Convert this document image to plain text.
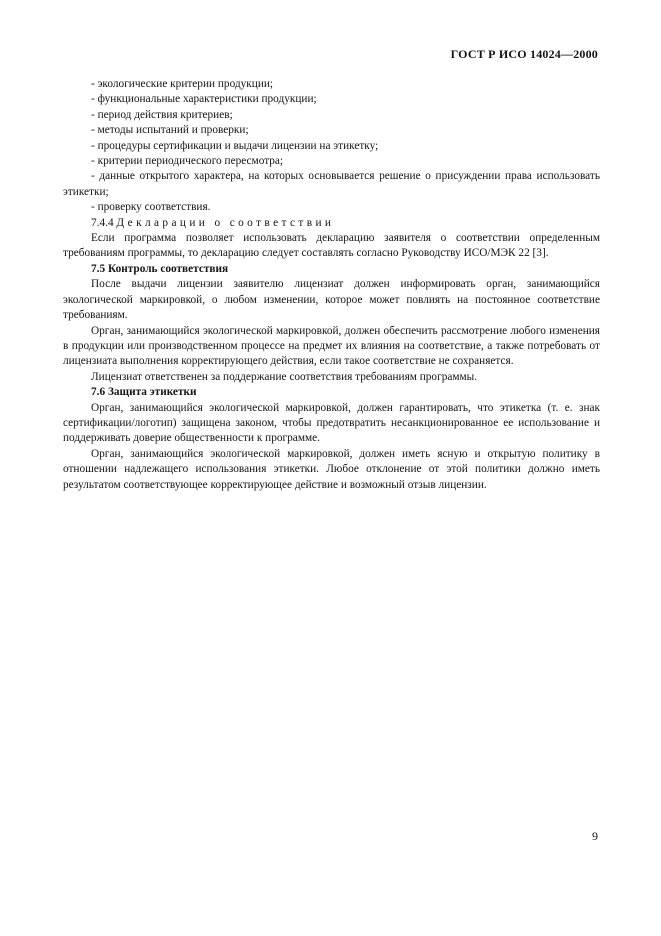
ГОСТ Р ИСО 14024—2000

- экологические критерии продукции;

- функциональные характеристики продукции;

- период действия критериев;

- методы испытаний и проверки;

- процедуры сертификации и выдачи лицензии на этикетку;

- критерии периодического пересмотра;

- данные открытого характера, на которых основывается решение о присуждении права использовать этикетки;

- проверку соответствия.

7.4.4 Декларации о соответствии

Если программа позволяет использовать декларацию заявителя о соответствии определенным требованиям программы, то декларацию следует составлять согласно Руководству ИСО/МЭК 22 [3].

7.5 Контроль соответствия

После выдачи лицензии заявителю лицензиат должен информировать орган, занимающийся экологической маркировкой, о любом изменении, которое может повлиять на постоянное соответствие требованиям.

Орган, занимающийся экологической маркировкой, должен обеспечить рассмотрение любого изменения в продукции или производственном процессе на предмет их влияния на соответствие, а также потребовать от лицензиата выполнения корректирующего действия, если такое соответствие не сохраняется.

Лицензиат ответственен за поддержание соответствия требованиям программы.

7.6 Защита этикетки

Орган, занимающийся экологической маркировкой, должен гарантировать, что этикетка (т. е. знак сертификации/логотип) защищена законом, чтобы предотвратить несанкционированное ее использование и поддерживать доверие общественности к программе.

Орган, занимающийся экологической маркировкой, должен иметь ясную и открытую политику в отношении надлежащего использования этикетки. Любое отклонение от этой политики должно иметь результатом соответствующее корректирующее действие и возможный отзыв лицензии.

9
